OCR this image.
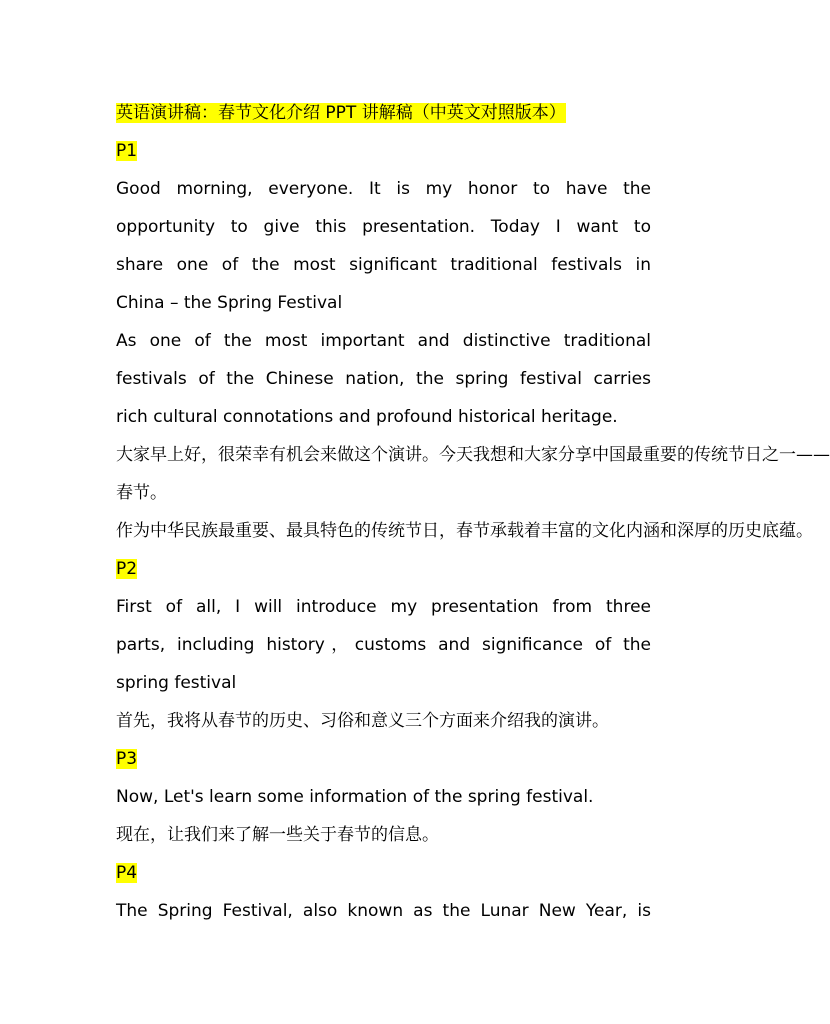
英语演讲稿：春节文化介绍 PPT 讲解稿（中英文对照版本）
P1
Good morning, everyone. It is my honor to have the
opportunity to give this presentation. Today I want to
share one of the most significant traditional festivals in
China – the Spring Festival
As one of the most important and distinctive traditional
festivals of the Chinese nation, the spring festival carries
rich cultural connotations and profound historical heritage.
大家早上好，很荣幸有机会来做这个演讲。今天我想和大家分享中国最重要的传统节日之一——
春节。
作为中华民族最重要、最具特色的传统节日，春节承载着丰富的文化内涵和深厚的历史底蕴。
P2
First of all, I will introduce my presentation from three
parts, including history，customs and significance of the
spring festival
首先，我将从春节的历史、习俗和意义三个方面来介绍我的演讲。
P3
Now, Let's learn some information of the spring festival.
现在，让我们来了解一些关于春节的信息。
P4
The Spring Festival, also known as the Lunar New Year, is
